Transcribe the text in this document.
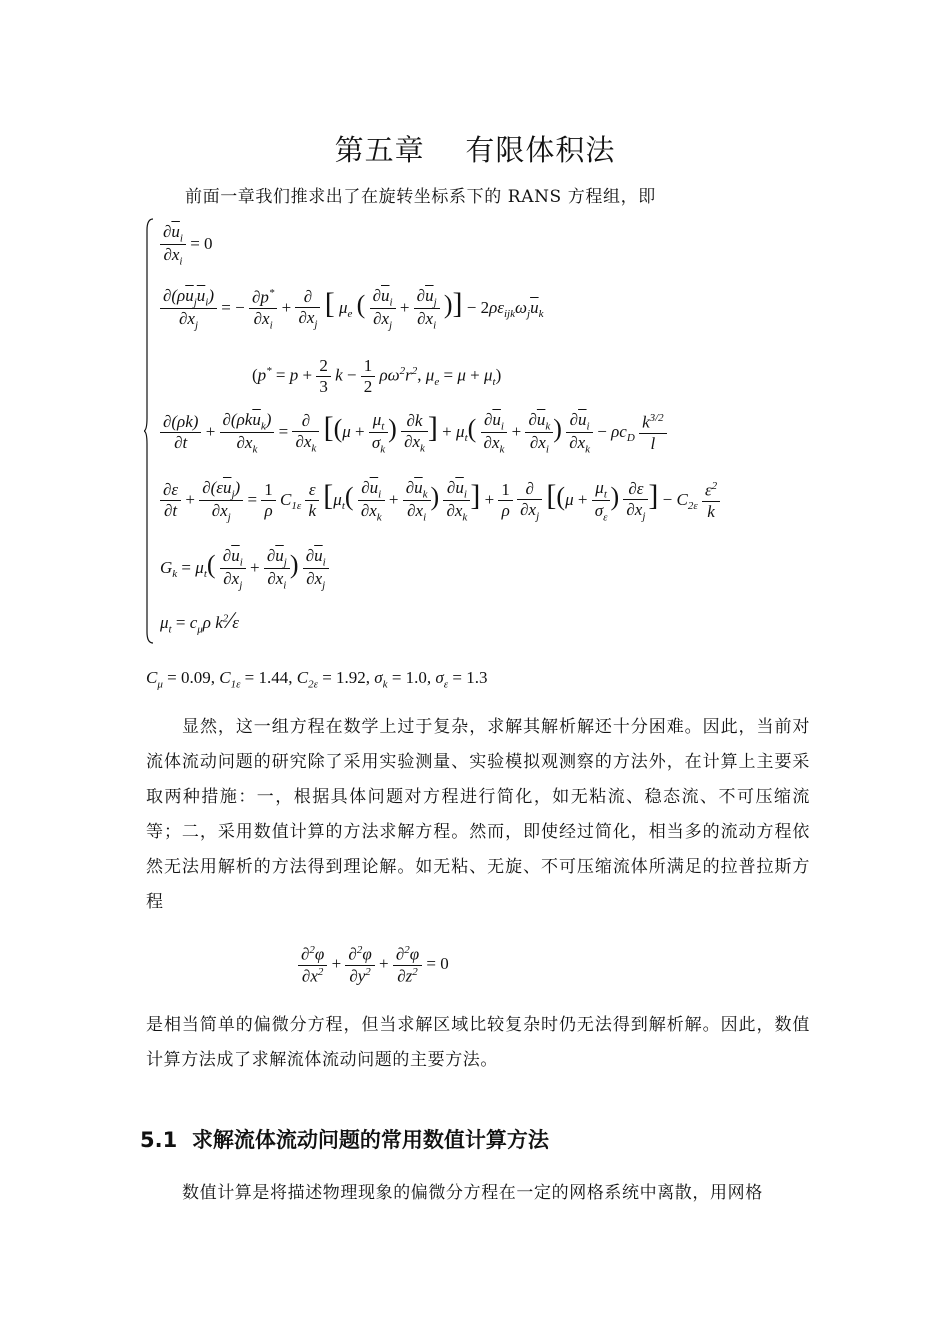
第五章    有限体积法
前面一章我们推求出了在旋转坐标系下的 RANS 方程组，即
$\frac{\partial\overline{u}_i}{\partial x_i} = 0$
$\frac{\partial(\rho\overline{u}_j\overline{u}_i)}{\partial x_j}$ = − $\frac{\partial p^*}{\partial x_i} + \frac{\partial}{\partial x_j}$ [ $\mu_e$ ( $\frac{\partial\overline{u}_i}{\partial x_j} + \frac{\partial\overline{u}_j}{\partial x_i}$ )] − $2\rho\varepsilon_{ijk}\omega_j\overline{u}_k$
($p^* = p + \frac{2}{3}$ $k - \frac{1}{2} \rho\omega^2r^2$, $\mu_e = \mu + \mu_t$)
$\frac{\partial(\rho k)}{\partial t} + \frac{\partial(\rho k\overline{u}_k)}{\partial x_k} = \frac{\partial}{\partial x_k} [(\mu + \frac{\mu_t}{\sigma_k}$ ) $\frac{\partial k}{\partial x_k}$ ] + $\mu_t( \frac{\partial\overline{u}_i}{\partial x_k} + \frac{\partial\overline{u}_k}{\partial x_i}$ ) $\frac{\partial\overline{u}_i}{\partial x_k} - \rho c_D \frac{k^{3/2}}{l}$
$\frac{\partial\varepsilon}{\partial t} + \frac{\partial(\varepsilon\overline{u}_j)}{\partial x_j} = \frac{1}{\rho} C_{1\varepsilon} \frac{\varepsilon}{k} [\mu_t( \frac{\partial\overline{u}_i}{\partial x_k} + \frac{\partial\overline{u}_k}{\partial x_i}$ ) $\frac{\partial\overline{u}_i}{\partial x_k}$ ] + $\frac{1}{\rho}$
$\frac{\partial}{\partial x_j} [(\mu + \frac{\mu_t}{\sigma_\varepsilon}$ ) $\frac{\partial\varepsilon}{\partial x_j}$ ] − $C_{2\varepsilon} \frac{\varepsilon^2}{k}$
$G_k = \mu_t( \frac{\partial\overline{u}_i}{\partial x_j} + \frac{\partial\overline{u}_j}{\partial x_i}$ ) $\frac{\partial\overline{u}_i}{\partial x_j}$
$\mu_t = c_\mu\rho$ $k^2∕\varepsilon$
$C_\mu = 0.09$, $C_{1\varepsilon} = 1.44$, $C_{2\varepsilon} = 1.92$, $\sigma_k = 1.0$, $\sigma_\varepsilon = 1.3$
显然，这一组方程在数学上过于复杂，求解其解析解还十分困难。因此，当前对流体流动问题的研究除了采用实验测量、实验模拟观测察的方法外，在计算上主要采取两种措施：一，根据具体问题对方程进行简化，如无粘流、稳态流、不可压缩流等；二，采用数值计算的方法求解方程。然而，即使经过简化，相当多的流动方程依然无法用解析的方法得到理论解。如无粘、无旋、不可压缩流体所满足的拉普拉斯方程
$\frac{\partial^2\varphi}{\partial x^2} + \frac{\partial^2\varphi}{\partial y^2} + \frac{\partial^2\varphi}{\partial z^2} = 0$
是相当简单的偏微分方程，但当求解区域比较复杂时仍无法得到解析解。因此，数值计算方法成了求解流体流动问题的主要方法。
5.1  求解流体流动问题的常用数值计算方法
数值计算是将描述物理现象的偏微分方程在一定的网格系统中离散，用网格
